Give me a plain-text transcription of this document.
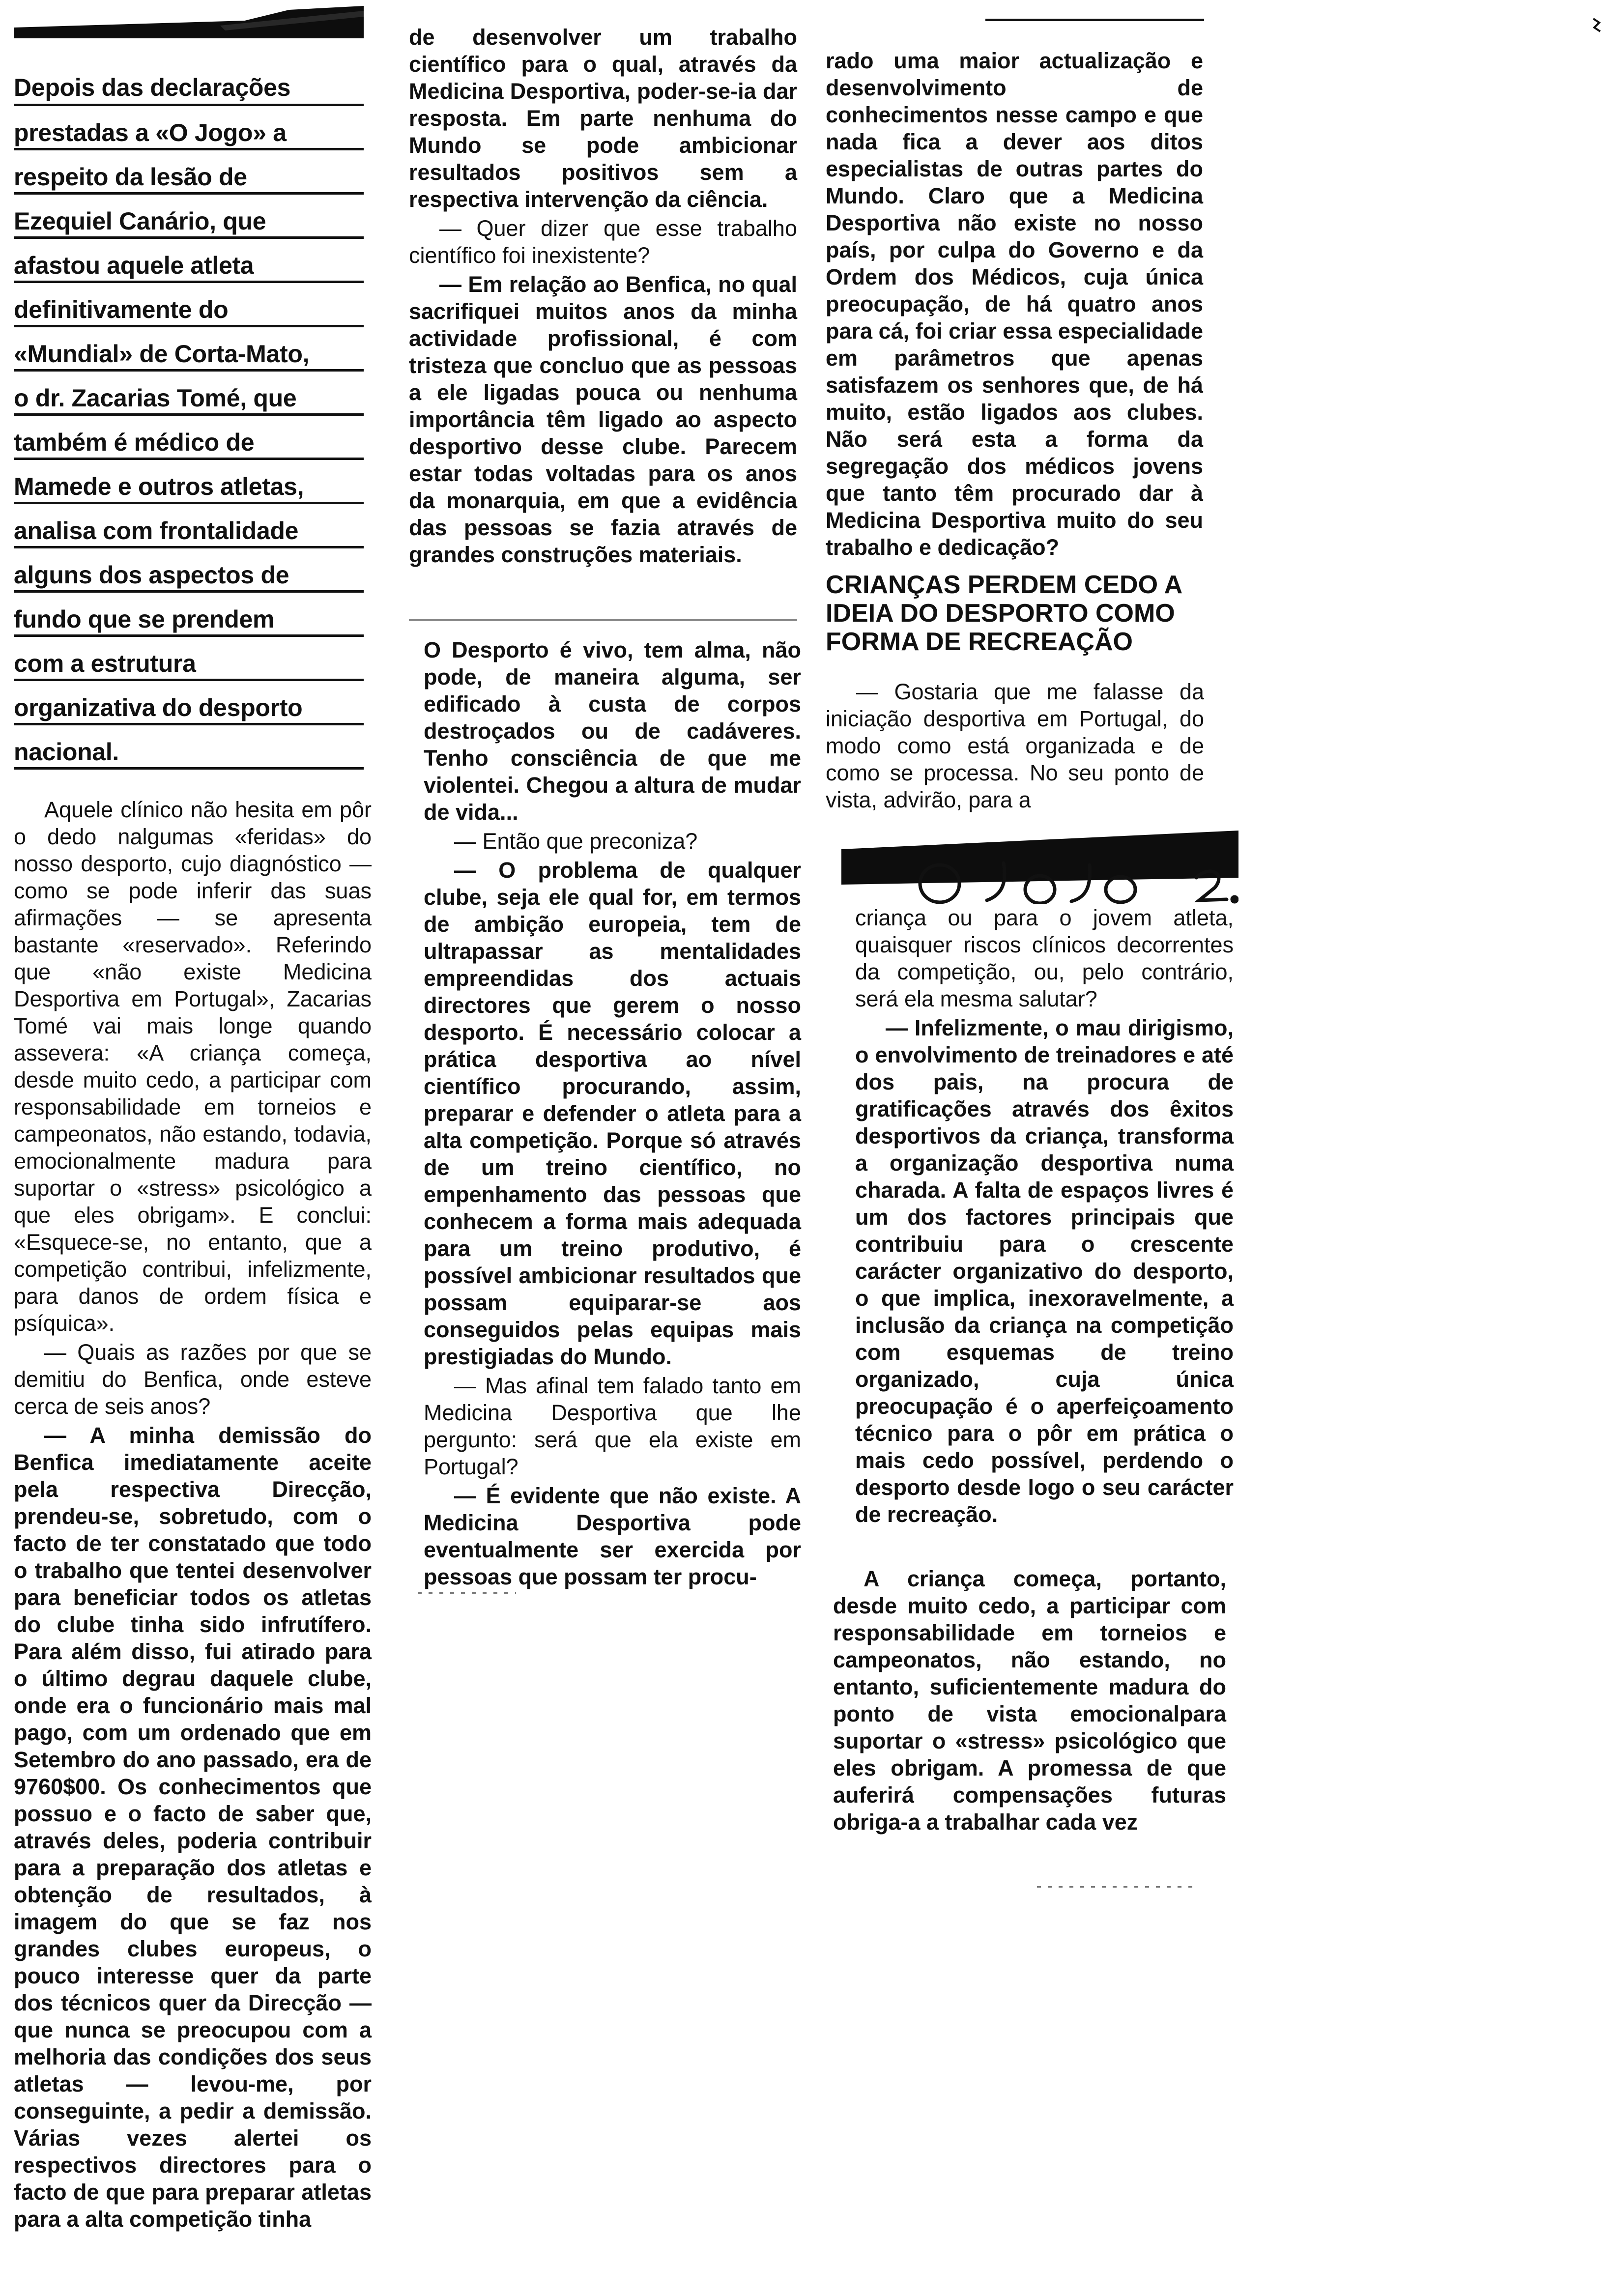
Depois das declarações
prestadas a «O Jogo» a
respeito da lesão de
Ezequiel Canário, que
afastou aquele atleta
definitivamente do
«Mundial» de Corta-Mato,
o dr. Zacarias Tomé, que
também é médico de
Mamede e outros atletas,
analisa com frontalidade
alguns dos aspectos de
fundo que se prendem
com a estrutura
organizativa do desporto
nacional.

Aquele clínico não hesita em pôr o dedo nalgumas «feridas» do nosso desporto, cujo diagnóstico — como se pode inferir das suas afirmações — se apresenta bastante «reservado». Referindo que «não existe Medicina Desportiva em Portugal», Zacarias Tomé vai mais longe quando assevera: «A criança começa, desde muito cedo, a participar com responsabilidade em torneios e campeonatos, não estando, todavia, emocionalmente madura para suportar o «stress» psicológico a que eles obrigam». E conclui: «Esquece-se, no entanto, que a competição contribui, infelizmente, para danos de ordem física e psíquica».

— Quais as razões por que se demitiu do Benfica, onde esteve cerca de seis anos?

— A minha demissão do Benfica imediatamente aceite pela respectiva Direcção, prendeu-se, sobretudo, com o facto de ter constatado que todo o trabalho que tentei desenvolver para beneficiar todos os atletas do clube tinha sido infrutífero. Para além disso, fui atirado para o último degrau daquele clube, onde era o funcionário mais mal pago, com um ordenado que em Setembro do ano passado, era de 9760$00. Os conhecimentos que possuo e o facto de saber que, através deles, poderia contribuir para a preparação dos atletas e obtenção de resultados, à imagem do que se faz nos grandes clubes europeus, o pouco interesse quer da parte dos técnicos quer da Direcção — que nunca se preocupou com a melhoria das condições dos seus atletas — levou-me, por conseguinte, a pedir a demissão. Várias vezes alertei os respectivos directores para o facto de que para preparar atletas para a alta competição tinha

de desenvolver um trabalho científico para o qual, através da Medicina Desportiva, poder-se-ia dar resposta. Em parte nenhuma do Mundo se pode ambicionar resultados positivos sem a respectiva intervenção da ciência.

— Quer dizer que esse trabalho científico foi inexistente?

— Em relação ao Benfica, no qual sacrifiquei muitos anos da minha actividade profissional, é com tristeza que concluo que as pessoas a ele ligadas pouca ou nenhuma importância têm ligado ao aspecto desportivo desse clube. Parecem estar todas voltadas para os anos da monarquia, em que a evidência das pessoas se fazia através de grandes construções materiais.

O Desporto é vivo, tem alma, não pode, de maneira alguma, ser edificado à custa de corpos destroçados ou de cadáveres. Tenho consciência de que me violentei. Chegou a altura de mudar de vida...

— Então que preconiza?

— O problema de qualquer clube, seja ele qual for, em termos de ambição europeia, tem de ultrapassar as mentalidades empreendidas dos actuais directores que gerem o nosso desporto. É necessário colocar a prática desportiva ao nível científico procurando, assim, preparar e defender o atleta para a alta competição. Porque só através de um treino científico, no empenhamento das pessoas que conhecem a forma mais adequada para um treino produtivo, é possível ambicionar resultados que possam equiparar-se aos conseguidos pelas equipas mais prestigiadas do Mundo.

— Mas afinal tem falado tanto em Medicina Desportiva que lhe pergunto: será que ela existe em Portugal?

— É evidente que não existe. A Medicina Desportiva pode eventualmente ser exercida por pessoas que possam ter procu-

rado uma maior actualização e desenvolvimento de conhecimentos nesse campo e que nada fica a dever aos ditos especialistas de outras partes do Mundo. Claro que a Medicina Desportiva não existe no nosso país, por culpa do Governo e da Ordem dos Médicos, cuja única preocupação, de há quatro anos para cá, foi criar essa especialidade em parâmetros que apenas satisfazem os senhores que, de há muito, estão ligados aos clubes. Não será esta a forma da segregação dos médicos jovens que tanto têm procurado dar à Medicina Desportiva muito do seu trabalho e dedicação?

CRIANÇAS PERDEM CEDO A IDEIA DO DESPORTO COMO FORMA DE RECREAÇÃO

— Gostaria que me falasse da iniciação desportiva em Portugal, do modo como está organizada e de como se processa. No seu ponto de vista, advirão, para a

criança ou para o jovem atleta, quaisquer riscos clínicos decorrentes da competição, ou, pelo contrário, será ela mesma salutar?

— Infelizmente, o mau dirigismo, o envolvimento de treinadores e até dos pais, na procura de gratificações através dos êxitos desportivos da criança, transforma a organização desportiva numa charada. A falta de espaços livres é um dos factores principais que contribuiu para o crescente carácter organizativo do desporto, o que implica, inexoravelmente, a inclusão da criança na competição com esquemas de treino organizado, cuja única preocupação é o aperfeiçoamento técnico para o pôr em prática o mais cedo possível, perdendo o desporto desde logo o seu carácter de recreação.

A criança começa, portanto, desde muito cedo, a participar com responsabilidade em torneios e campeonatos, não estando, no entanto, suficientemente madura do ponto de vista emocionalpara suportar o «stress» psicológico que eles obrigam. A promessa de que auferirá compensações futuras obriga-a a trabalhar cada vez
